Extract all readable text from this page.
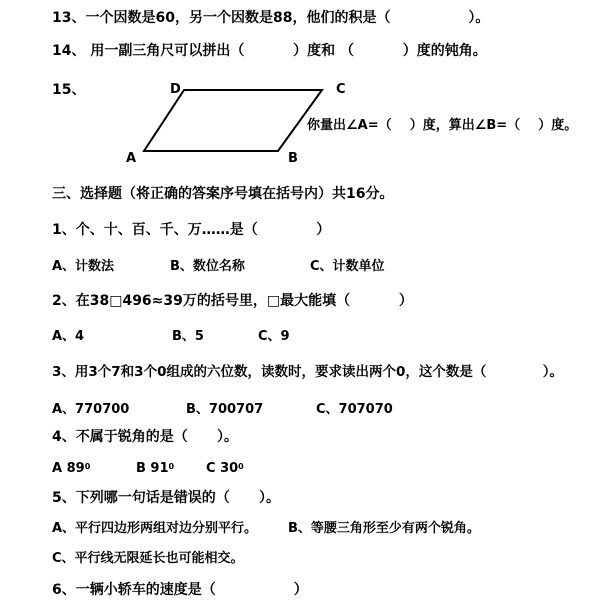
13、一个因数是60，另一个因数是88，他们的积是（                ）。
14、 用一副三角尺可以拼出（          ）度和 （          ）度的钝角。
15、	D	C
A	B
你量出∠A=（    ）度，算出∠B=（    ）度。
三、选择题（将正确的答案序号填在括号内）共16分。
1、个、十、百、千、万……是（            ）
A、计数法	B、数位名称	C、计数单位
2、在38□496≈39万的括号里，□最大能填（          ）
A、4	B、5	C、9
3、用3个7和3个0组成的六位数，读数时，要求读出两个0，这个数是（            ）。
A、770700	B、700707	C、707070
4、不属于锐角的是（      ）。
A $89^0$	B $91^0$ C $30^0$
5、下列哪一句话是错误的（      ）。
A、平行四边形两组对边分别平行。 B、等腰三角形至少有两个锐角。
C、平行线无限延长也可能相交。
6、一辆小轿车的速度是（                ）
